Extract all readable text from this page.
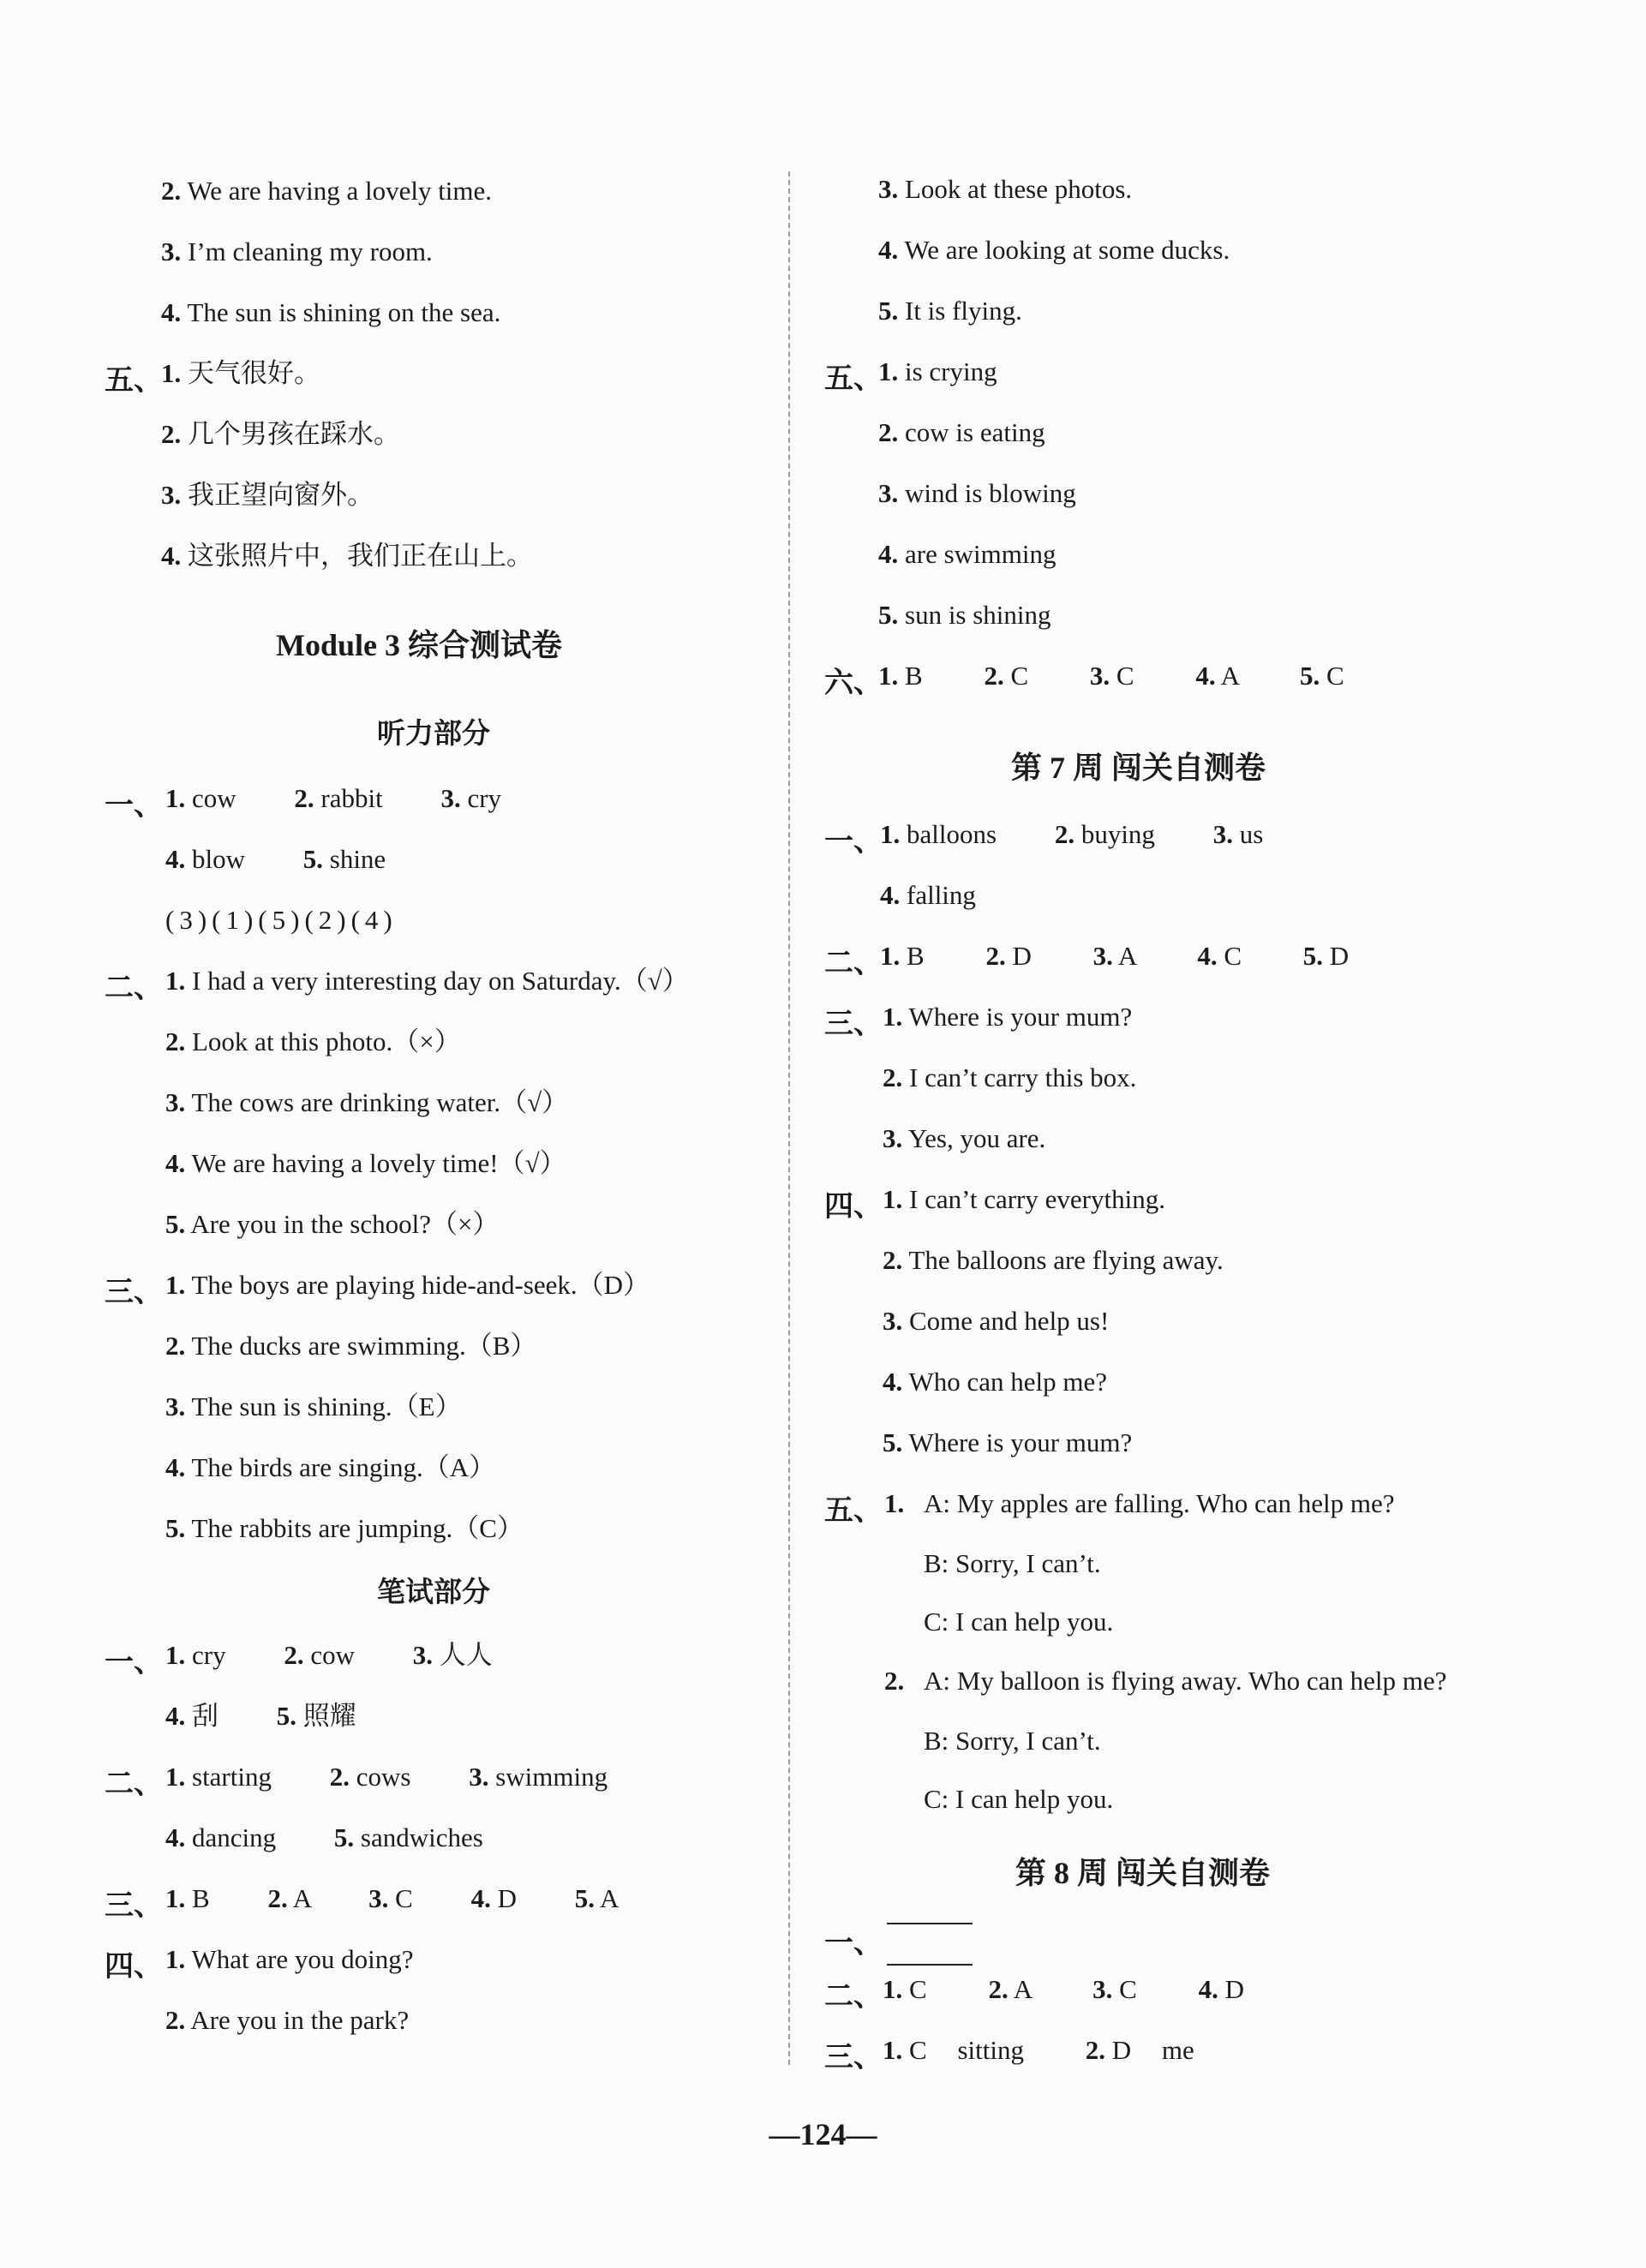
2. We are having a lovely time.
3. I’m cleaning my room.
4. The sun is shining on the sea.
五、
1. 天气很好。
2. 几个男孩在踩水。
3. 我正望向窗外。
4. 这张照片中，我们正在山上。
Module 3 综合测试卷
听力部分
一、 1. cow 2. rabbit 3. cry
4. blow 5. shine
(3)(1)(5)(2)(4)
二、 1. I had a very interesting day on Saturday.（√）
2. Look at this photo.（×）
3. The cows are drinking water.（√）
4. We are having a lovely time!（√）
5. Are you in the school?（×）
三、 1. The boys are playing hide-and-seek.（D）
2. The ducks are swimming.（B）
3. The sun is shining.（E）
4. The birds are singing.（A）
5. The rabbits are jumping.（C）
笔试部分
一、 1. cry 2. cow 3. 人人
4. 刮 5. 照耀
二、 1. starting 2. cows 3. swimming
4. dancing 5. sandwiches
三、 1. B 2. A 3. C 4. D 5. A
四、 1. What are you doing?
2. Are you in the park?
3. Look at these photos.
4. We are looking at some ducks.
5. It is flying.
五、
1. is crying
2. cow is eating
3. wind is blowing
4. are swimming
5. sun is shining
六、
1. B 2. C 3. C 4. A 5. C
第 7 周 闯关自测卷
一、
1. balloons 2. buying 3. us
4. falling
二、
1. B 2. D 3. A 4. C 5. D
三、 1. Where is your mum?
2. I can’t carry this box.
3. Yes, you are.
四、 1. I can’t carry everything.
2. The balloons are flying away.
3. Come and help us!
4. Who can help me?
5. Where is your mum?
五、 1. A: My apples are falling. Who can help me?
B: Sorry, I can’t.
C: I can help you.
2. A: My balloon is flying away. Who can help me?
B: Sorry, I can’t.
C: I can help you.
第 8 周 闯关自测卷
一、
二、 1. C 2. A 3. C 4. D
三、 1. C sitting 2. D me
—124—
